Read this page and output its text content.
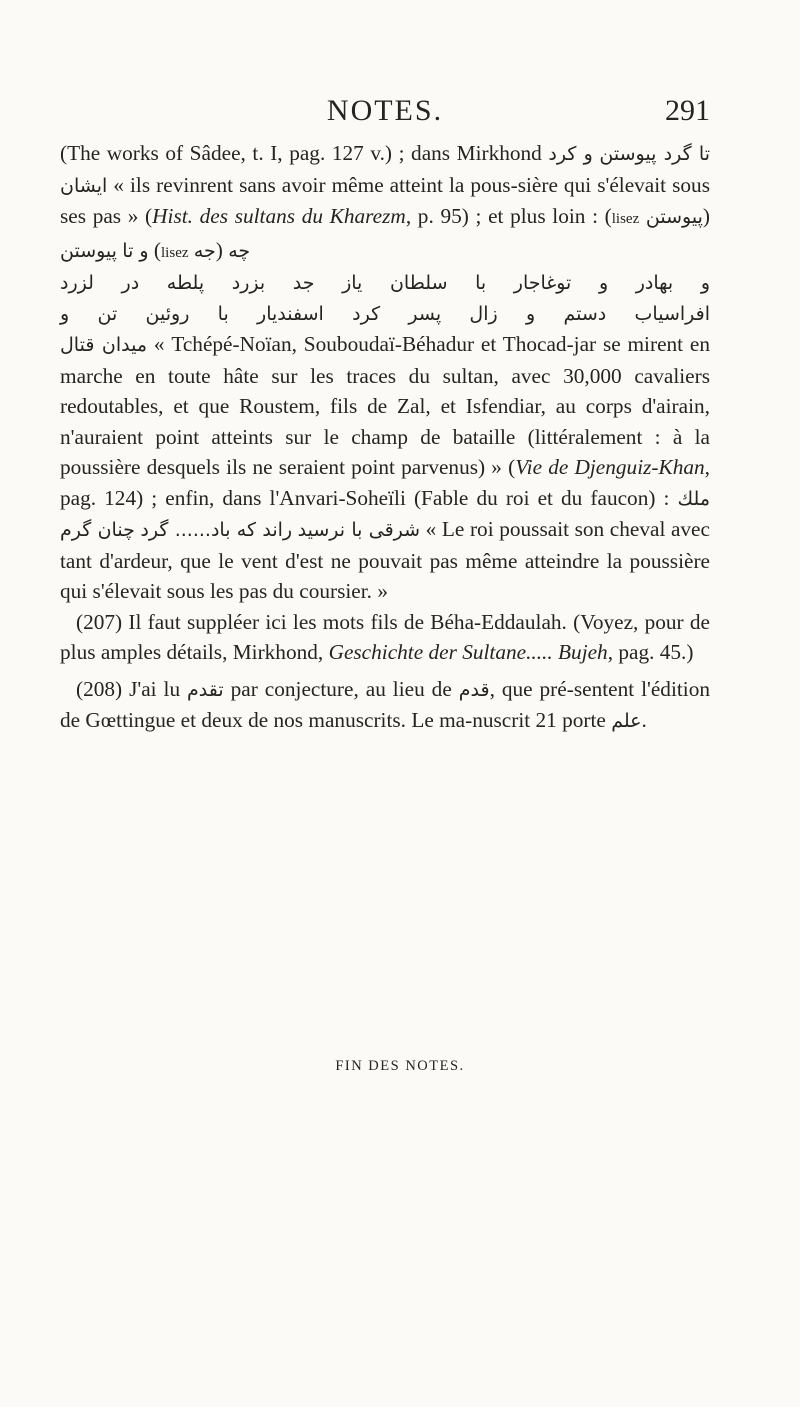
NOTES.	291

(The works of Sâdee, t. I, pag. 127 v.) ; dans Mirkhond و کرد تا گرد پيوستن ايشان « ils revinrent sans avoir même atteint la pous-sière qui s'élevait sous ses pas » (Hist. des sultans du Kharezm, p. 95) ; et plus loin : (lisez پيوستن) پيوستن و تا (lisez جه) چه
و بهادر و توغاجار با سلطان ياز جد بزرد پلطه در لزرد
افراسياب دستم و زال پسر كرد اسفنديار با روئين تن و
ميدان قتال « Tchépé-Noïan, Souboudaï-Béhadur et Thocad-jar se mirent en marche en toute hâte sur les traces du sultan, avec 30,000 cavaliers redoutables, et que Roustem, fils de Zal, et Isfendiar, au corps d'airain, n'auraient point atteints sur le champ de bataille (littéralement : à la poussière desquels ils ne seraient point parvenus) » (Vie de Djenguiz-Khan, pag. 124) ; enfin, dans l'Anvari-Soheïli (Fable du roi et du faucon) : ملك چنان گرم راند که باد...... گرد شرقی با نرسيد « Le roi poussait son cheval avec tant d'ardeur, que le vent d'est ne pouvait pas même atteindre la poussière qui s'élevait sous les pas du coursier. »

(207) Il faut suppléer ici les mots fils de Béha-Eddaulah. (Voyez, pour de plus amples détails, Mirkhond, Geschichte der Sultane..... Bujeh, pag. 45.)

(208) J'ai lu تقدم par conjecture, au lieu de قدم, que pré-sentent l'édition de Gœttingue et deux de nos manuscrits. Le ma-nuscrit 21 porte علم.

FIN DES NOTES.
